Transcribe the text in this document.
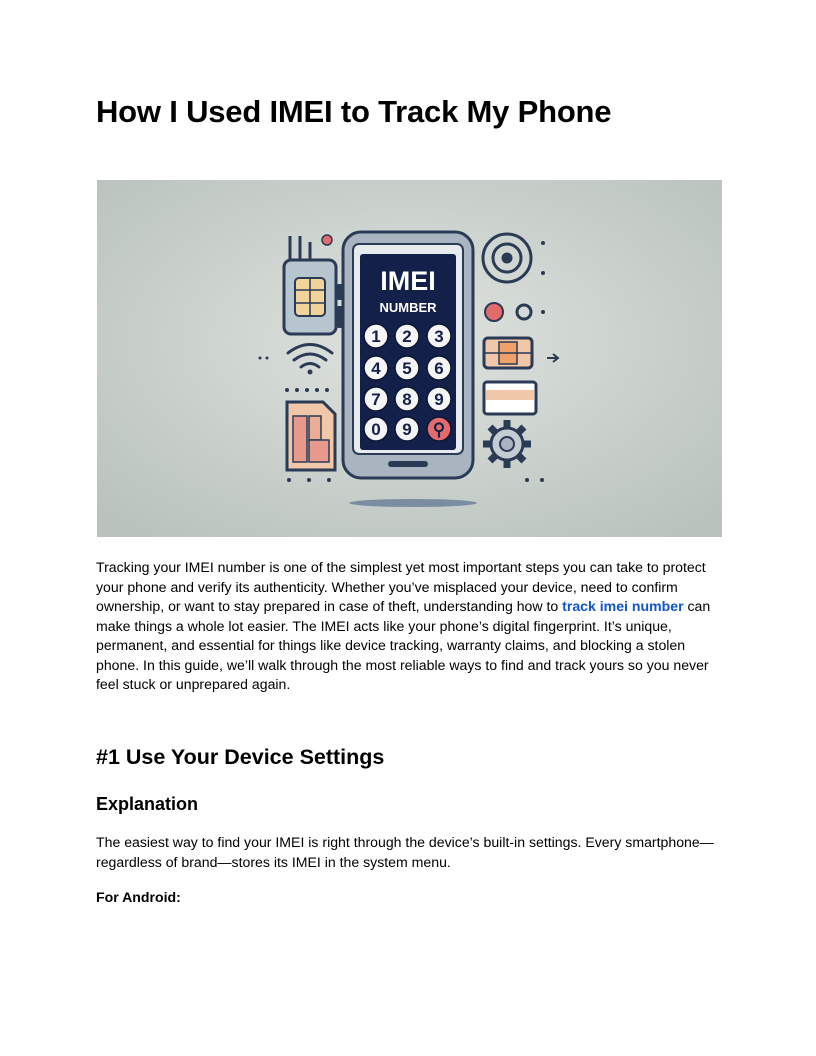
How I Used IMEI to Track My Phone
IMEI
NUMBER
1 2 3
4 5 6
7 8 9
0 9 ⚲

Tracking your IMEI number is one of the simplest yet most important steps you can take to protect your phone and verify its authenticity. Whether you’ve misplaced your device, need to confirm ownership, or want to stay prepared in case of theft, understanding how to track imei number can make things a whole lot easier. The IMEI acts like your phone’s digital fingerprint. It’s unique, permanent, and essential for things like device tracking, warranty claims, and blocking a stolen phone. In this guide, we’ll walk through the most reliable ways to find and track yours so you never feel stuck or unprepared again.

#1 Use Your Device Settings
Explanation

The easiest way to find your IMEI is right through the device’s built-in settings. Every smartphone—regardless of brand—stores its IMEI in the system menu.

For Android:
